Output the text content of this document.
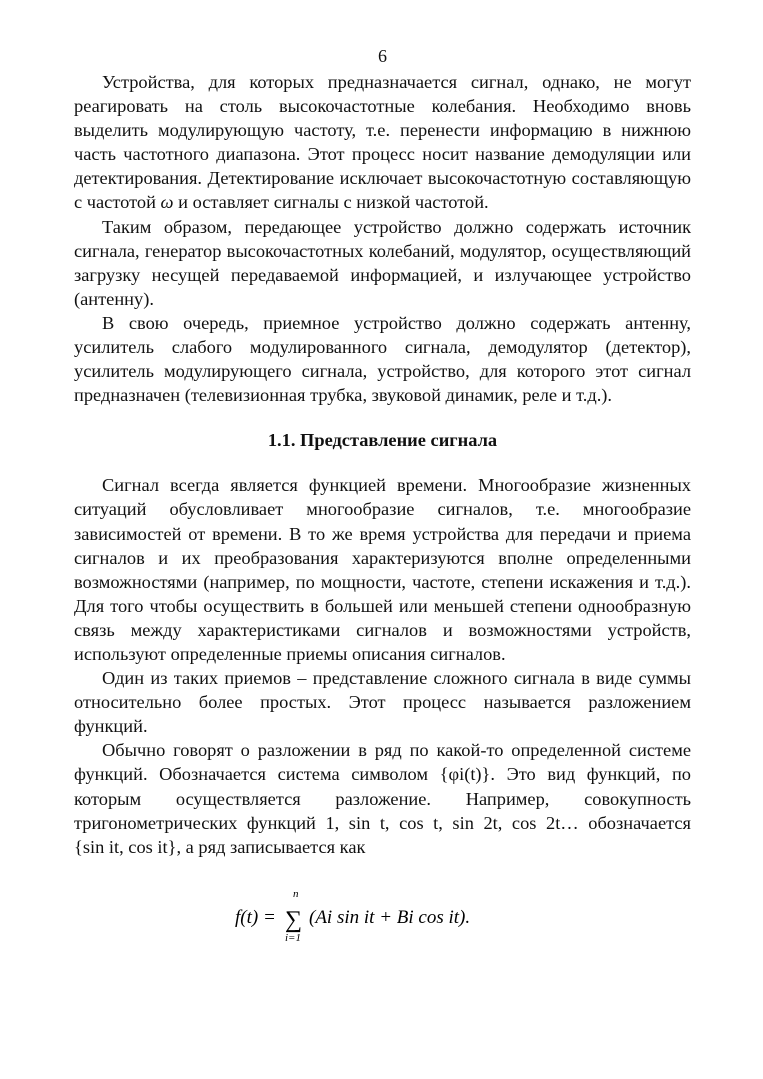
6

Устройства, для которых предназначается сигнал, однако, не могут реагировать на столь высокочастотные колебания. Необходимо вновь выделить модулирующую частоту, т.е. перенести информацию в нижнюю часть частотного диапазона. Этот процесс носит название демодуляции или детектирования. Детектирование исключает высокочастотную составляющую с частотой ω и оставляет сигналы с низкой частотой.

Таким образом, передающее устройство должно содержать источник сигнала, генератор высокочастотных колебаний, модулятор, осуществляющий загрузку несущей передаваемой информацией, и излучающее устройство (антенну).

В свою очередь, приемное устройство должно содержать антенну, усилитель слабого модулированного сигнала, демодулятор (детектор), усилитель модулирующего сигнала, устройство, для которого этот сигнал предназначен (телевизионная трубка, звуковой динамик, реле и т.д.).

1.1. Представление сигнала

Сигнал всегда является функцией времени. Многообразие жизненных ситуаций обусловливает многообразие сигналов, т.е. многообразие зависимостей от времени. В то же время устройства для передачи и приема сигналов и их преобразования характеризуются вполне определенными возможностями (например, по мощности, частоте, степени искажения и т.д.). Для того чтобы осуществить в большей или меньшей степени однообразную связь между характеристиками сигналов и возможностями устройств, используют определенные приемы описания сигналов.

Один из таких приемов – представление сложного сигнала в виде суммы относительно более простых. Этот процесс называется разложением функций.

Обычно говорят о разложении в ряд по какой-то определенной системе функций. Обозначается система символом {φi(t)}. Это вид функций, по которым осуществляется разложение. Например, совокупность тригонометрических функций 1, sin t, cos t, sin 2t, cos 2t… обозначается {sin it, cos it}, а ряд записывается как

f(t) =
n
∑
i=1
(Ai sin it + Bi cos it).
